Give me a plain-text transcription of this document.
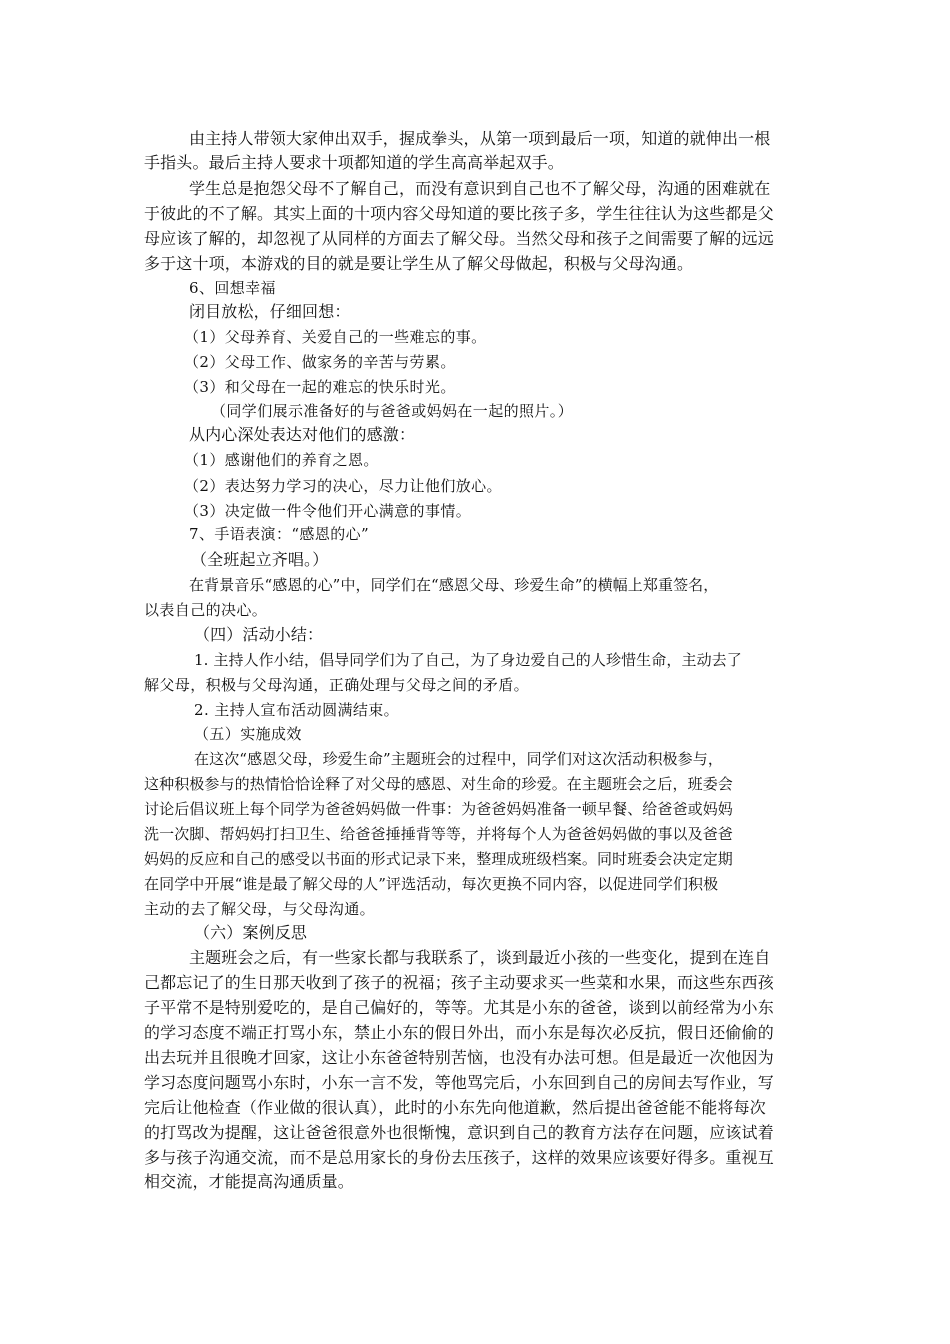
由主持人带领大家伸出双手，握成拳头，从第一项到最后一项，知道的就伸出一根
手指头。最后主持人要求十项都知道的学生高高举起双手。
学生总是抱怨父母不了解自己，而没有意识到自己也不了解父母，沟通的困难就在
于彼此的不了解。其实上面的十项内容父母知道的要比孩子多，学生往往认为这些都是父
母应该了解的，却忽视了从同样的方面去了解父母。当然父母和孩子之间需要了解的远远
多于这十项，本游戏的目的就是要让学生从了解父母做起，积极与父母沟通。
6、回想幸福
闭目放松，仔细回想：
（1）父母养育、关爱自己的一些难忘的事。
（2）父母工作、做家务的辛苦与劳累。
（3）和父母在一起的难忘的快乐时光。
（同学们展示准备好的与爸爸或妈妈在一起的照片。）
从内心深处表达对他们的感激：
（1）感谢他们的养育之恩。
（2）表达努力学习的决心，尽力让他们放心。
（3）决定做一件令他们开心满意的事情。
7、手语表演：“感恩的心”
（全班起立齐唱。）
在背景音乐“感恩的心”中，同学们在“感恩父母、珍爱生命”的横幅上郑重签名，
以表自己的决心。
（四）活动小结：
1. 主持人作小结，倡导同学们为了自己，为了身边爱自己的人珍惜生命，主动去了
解父母，积极与父母沟通，正确处理与父母之间的矛盾。
2. 主持人宣布活动圆满结束。
（五）实施成效
在这次“感恩父母，珍爱生命”主题班会的过程中，同学们对这次活动积极参与，
这种积极参与的热情恰恰诠释了对父母的感恩、对生命的珍爱。在主题班会之后，班委会
讨论后倡议班上每个同学为爸爸妈妈做一件事：为爸爸妈妈准备一顿早餐、给爸爸或妈妈
洗一次脚、帮妈妈打扫卫生、给爸爸捶捶背等等，并将每个人为爸爸妈妈做的事以及爸爸
妈妈的反应和自己的感受以书面的形式记录下来，整理成班级档案。同时班委会决定定期
在同学中开展“谁是最了解父母的人”评选活动，每次更换不同内容，以促进同学们积极
主动的去了解父母，与父母沟通。
（六）案例反思
主题班会之后，有一些家长都与我联系了，谈到最近小孩的一些变化，提到在连自
己都忘记了的生日那天收到了孩子的祝福；孩子主动要求买一些菜和水果，而这些东西孩
子平常不是特别爱吃的，是自己偏好的，等等。尤其是小东的爸爸，谈到以前经常为小东
的学习态度不端正打骂小东，禁止小东的假日外出，而小东是每次必反抗，假日还偷偷的
出去玩并且很晚才回家，这让小东爸爸特别苦恼，也没有办法可想。但是最近一次他因为
学习态度问题骂小东时，小东一言不发，等他骂完后，小东回到自己的房间去写作业，写
完后让他检查（作业做的很认真），此时的小东先向他道歉，然后提出爸爸能不能将每次
的打骂改为提醒，这让爸爸很意外也很惭愧，意识到自己的教育方法存在问题，应该试着
多与孩子沟通交流，而不是总用家长的身份去压孩子，这样的效果应该要好得多。重视互
相交流，才能提高沟通质量。
